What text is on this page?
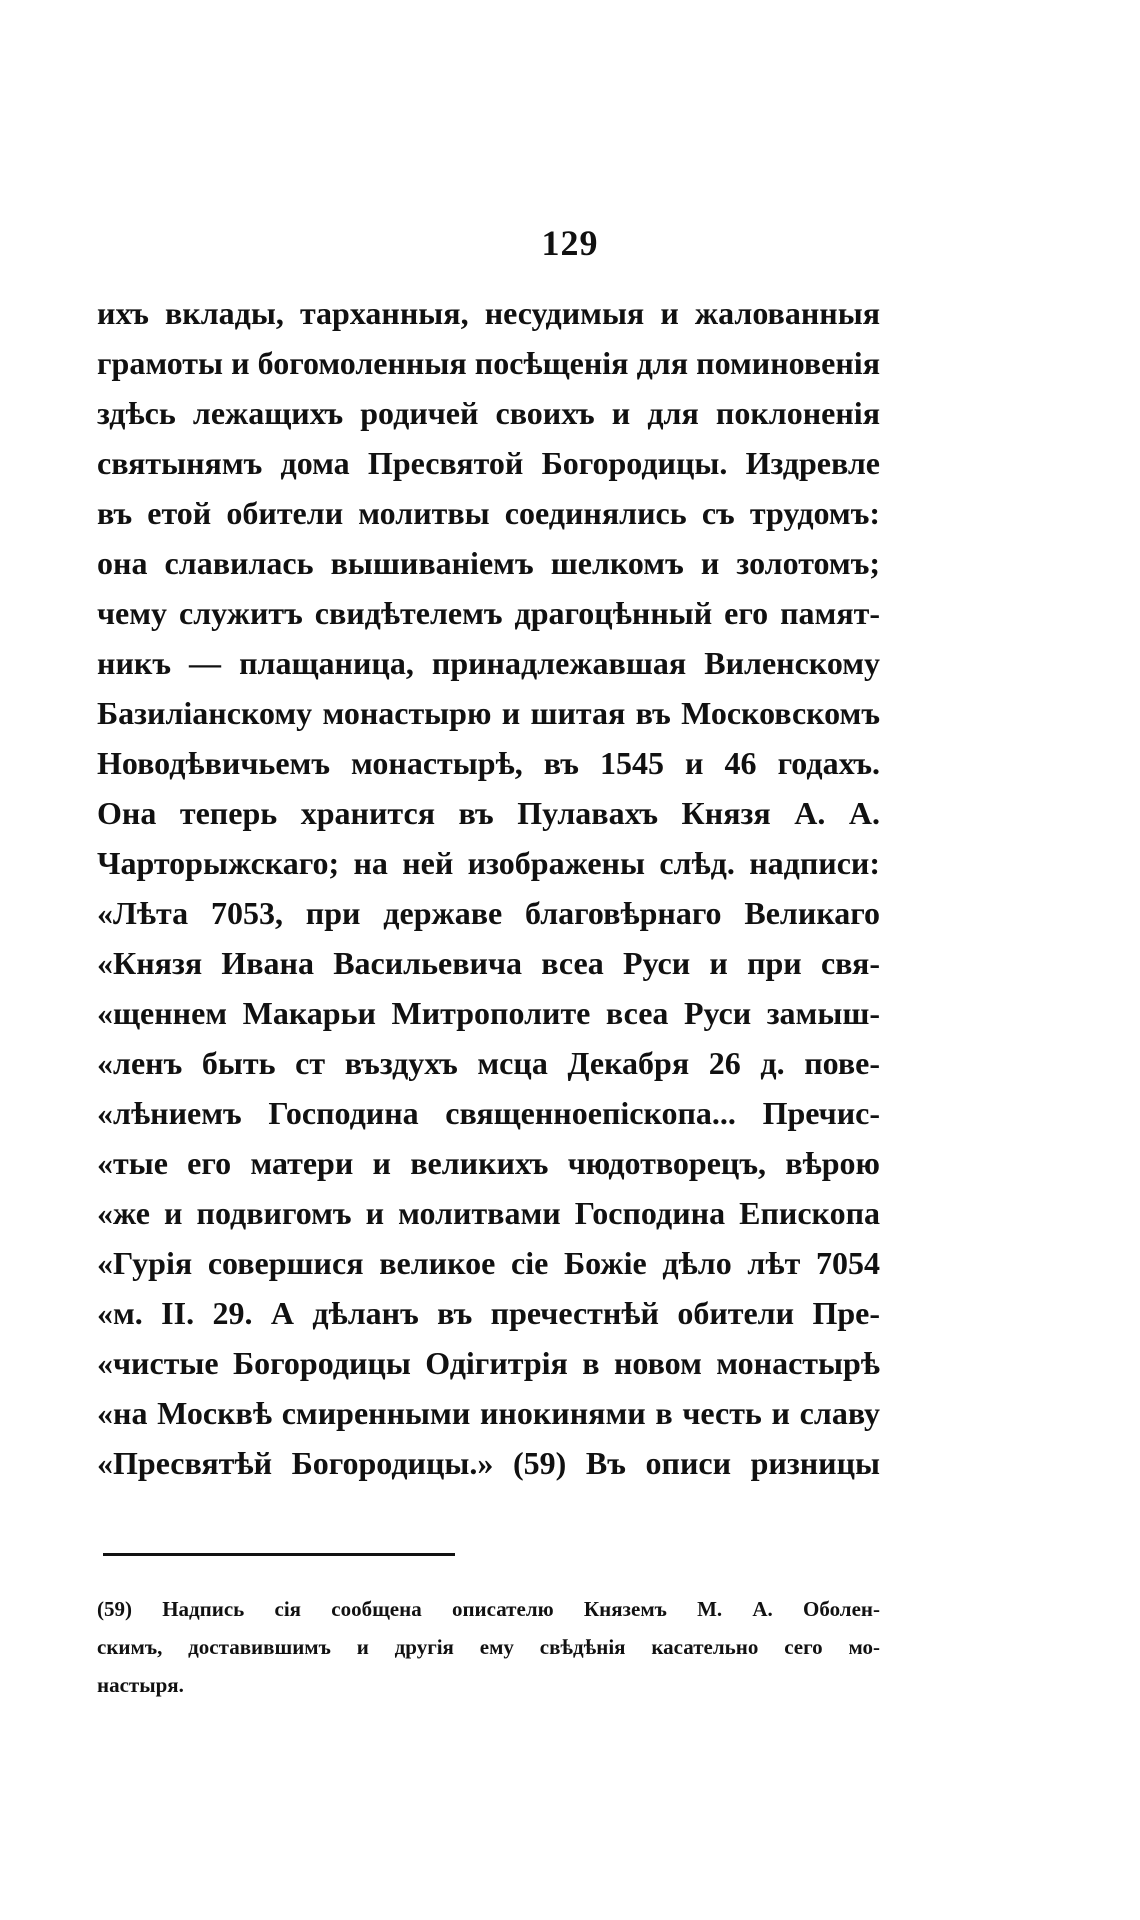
129
ихъ вклады, тарханныя, несудимыя и жалованныя
грамоты и богомоленныя посѣщенія для поминовенія
здѣсь лежащихъ родичей своихъ и для поклоненія
святынямъ дома Пресвятой Богородицы. Издревле
въ етой обители молитвы соединялись съ трудомъ:
она славилась вышиваніемъ шелкомъ и золотомъ;
чему служитъ свидѣтелемъ драгоцѣнный его памят-
никъ — плащаница, принадлежавшая Виленскому
Базиліанскому монастырю и шитая въ Московскомъ
Новодѣвичьемъ монастырѣ, въ 1545 и 46 годахъ.
Она теперь хранится въ Пулавахъ Князя А. А.
Чарторыжскаго; на ней изображены слѣд. надписи:
«Лѣта 7053, при державе благовѣрнаго Великаго
«Князя Ивана Васильевича всеа Руси и при свя-
«щеннем Макарьи Митрополите всеа Руси замыш-
«ленъ быть ст въздухъ мсца Декабря 26 д. пове-
«лѣниемъ Господина священноепіскопа... Пречис-
«тые его матери и великихъ чюдотворецъ, вѣрою
«же и подвигомъ и молитвами Господина Епископа
«Гурія совершися великое сіе Божіе дѣло лѣт 7054
«м. II. 29. А дѣланъ въ пречестнѣй обители Пре-
«чистые Богородицы Одігитрія в новом монастырѣ
«на Москвѣ смиренными инокинями в честь и славу
«Пресвятѣй Богородицы.» (59) Въ описи ризницы
(59) Надпись сія сообщена описателю Княземъ М. А. Оболен-
скимъ, доставившимъ и другія ему свѣдѣнія касательно сего мо-
настыря.
